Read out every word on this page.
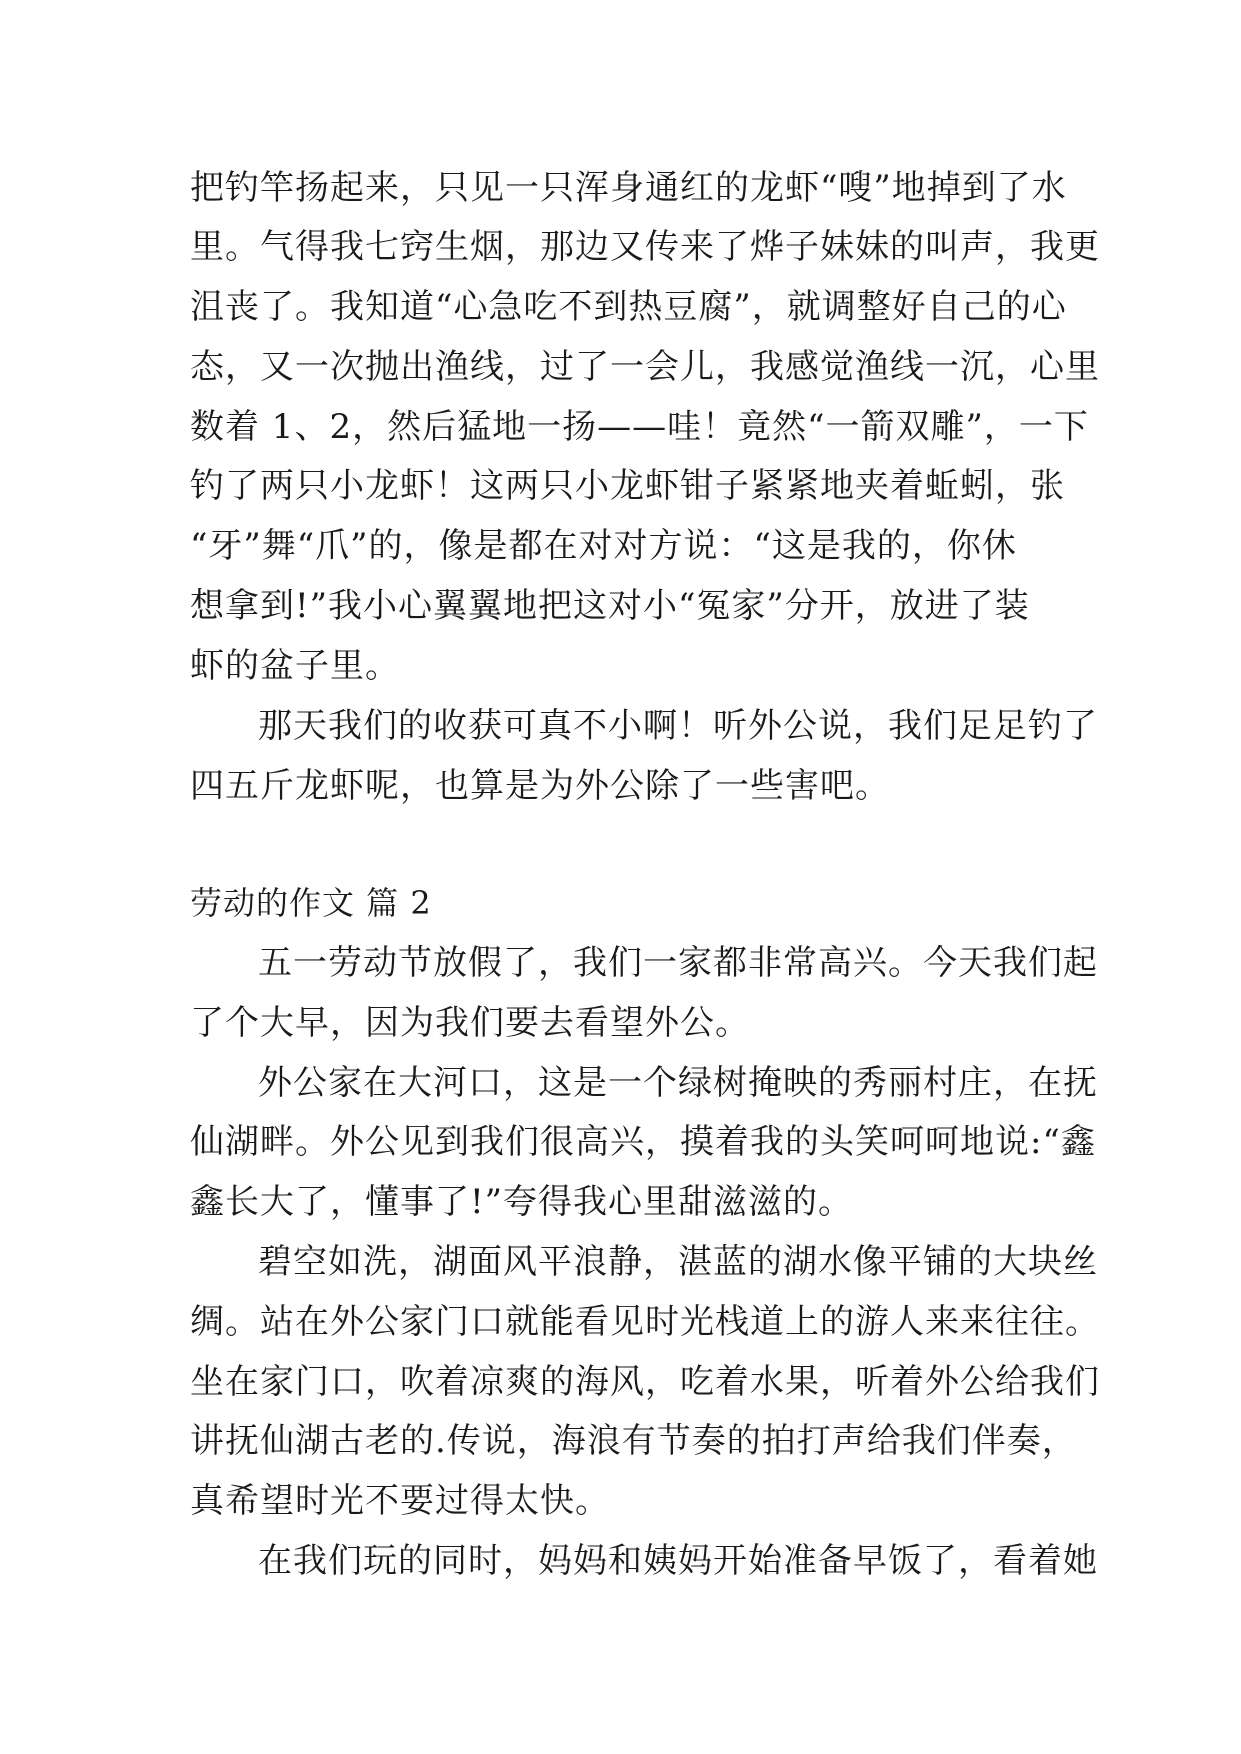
把钓竿扬起来，只见一只浑身通红的龙虾“嗖”地掉到了水
里。气得我七窍生烟，那边又传来了烨子妹妹的叫声，我更
沮丧了。我知道“心急吃不到热豆腐”，就调整好自己的心
态，又一次抛出渔线，过了一会儿，我感觉渔线一沉，心里
数着 1、2，然后猛地一扬——哇！竟然“一箭双雕”，一下
钓了两只小龙虾！这两只小龙虾钳子紧紧地夹着蚯蚓，张
“牙”舞“爪”的，像是都在对对方说：“这是我的，你休
想拿到!”我小心翼翼地把这对小“冤家”分开，放进了装
虾的盆子里。
那天我们的收获可真不小啊！听外公说，我们足足钓了
四五斤龙虾呢，也算是为外公除了一些害吧。
劳动的作文 篇 2
五一劳动节放假了，我们一家都非常高兴。今天我们起
了个大早，因为我们要去看望外公。
外公家在大河口，这是一个绿树掩映的秀丽村庄，在抚
仙湖畔。外公见到我们很高兴，摸着我的头笑呵呵地说:“鑫
鑫长大了，懂事了!”夸得我心里甜滋滋的。
碧空如洗，湖面风平浪静，湛蓝的湖水像平铺的大块丝
绸。站在外公家门口就能看见时光栈道上的游人来来往往。
坐在家门口，吹着凉爽的海风，吃着水果，听着外公给我们
讲抚仙湖古老的.传说，海浪有节奏的拍打声给我们伴奏，
真希望时光不要过得太快。
在我们玩的同时，妈妈和姨妈开始准备早饭了，看着她
